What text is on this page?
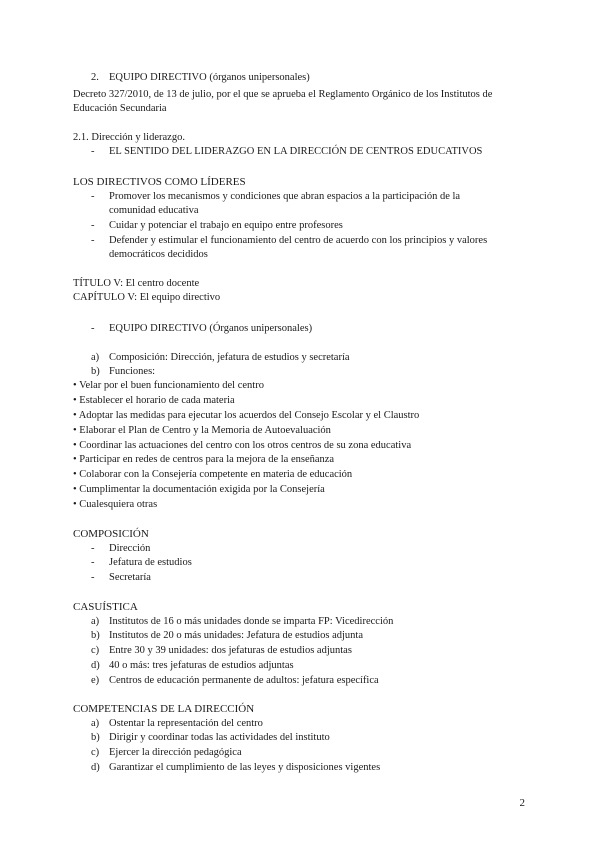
2. EQUIPO DIRECTIVO (órganos unipersonales)
Decreto 327/2010, de 13 de julio, por el que se aprueba el Reglamento Orgánico de los Institutos de
Educación Secundaria
2.1. Dirección y liderazgo.
- EL SENTIDO DEL LIDERAZGO EN LA DIRECCIÓN DE CENTROS EDUCATIVOS
LOS DIRECTIVOS COMO LÍDERES
- Promover los mecanismos y condiciones que abran espacios a la participación de la
comunidad educativa
- Cuidar y potenciar el trabajo en equipo entre profesores
- Defender y estimular el funcionamiento del centro de acuerdo con los principios y valores
democráticos decididos
TÍTULO V: El centro docente
CAPÍTULO V: El equipo directivo
- EQUIPO DIRECTIVO (Órganos unipersonales)
a) Composición: Dirección, jefatura de estudios y secretaría
b) Funciones:
• Velar por el buen funcionamiento del centro
• Establecer el horario de cada materia
• Adoptar las medidas para ejecutar los acuerdos del Consejo Escolar y el Claustro
• Elaborar el Plan de Centro y la Memoria de Autoevaluación
• Coordinar las actuaciones del centro con los otros centros de su zona educativa
• Participar en redes de centros para la mejora de la enseñanza
• Colaborar con la Consejería competente en materia de educación
• Cumplimentar la documentación exigida por la Consejería
• Cualesquiera otras
COMPOSICIÓN
- Dirección
- Jefatura de estudios
- Secretaría
CASUÍSTICA
a) Institutos de 16 o más unidades donde se imparta FP: Vicedirección
b) Institutos de 20 o más unidades: Jefatura de estudios adjunta
c) Entre 30 y 39 unidades: dos jefaturas de estudios adjuntas
d) 40 o más: tres jefaturas de estudios adjuntas
e) Centros de educación permanente de adultos: jefatura específica
COMPETENCIAS DE LA DIRECCIÓN
a) Ostentar la representación del centro
b) Dirigir y coordinar todas las actividades del instituto
c) Ejercer la dirección pedagógica
d) Garantizar el cumplimiento de las leyes y disposiciones vigentes
2
